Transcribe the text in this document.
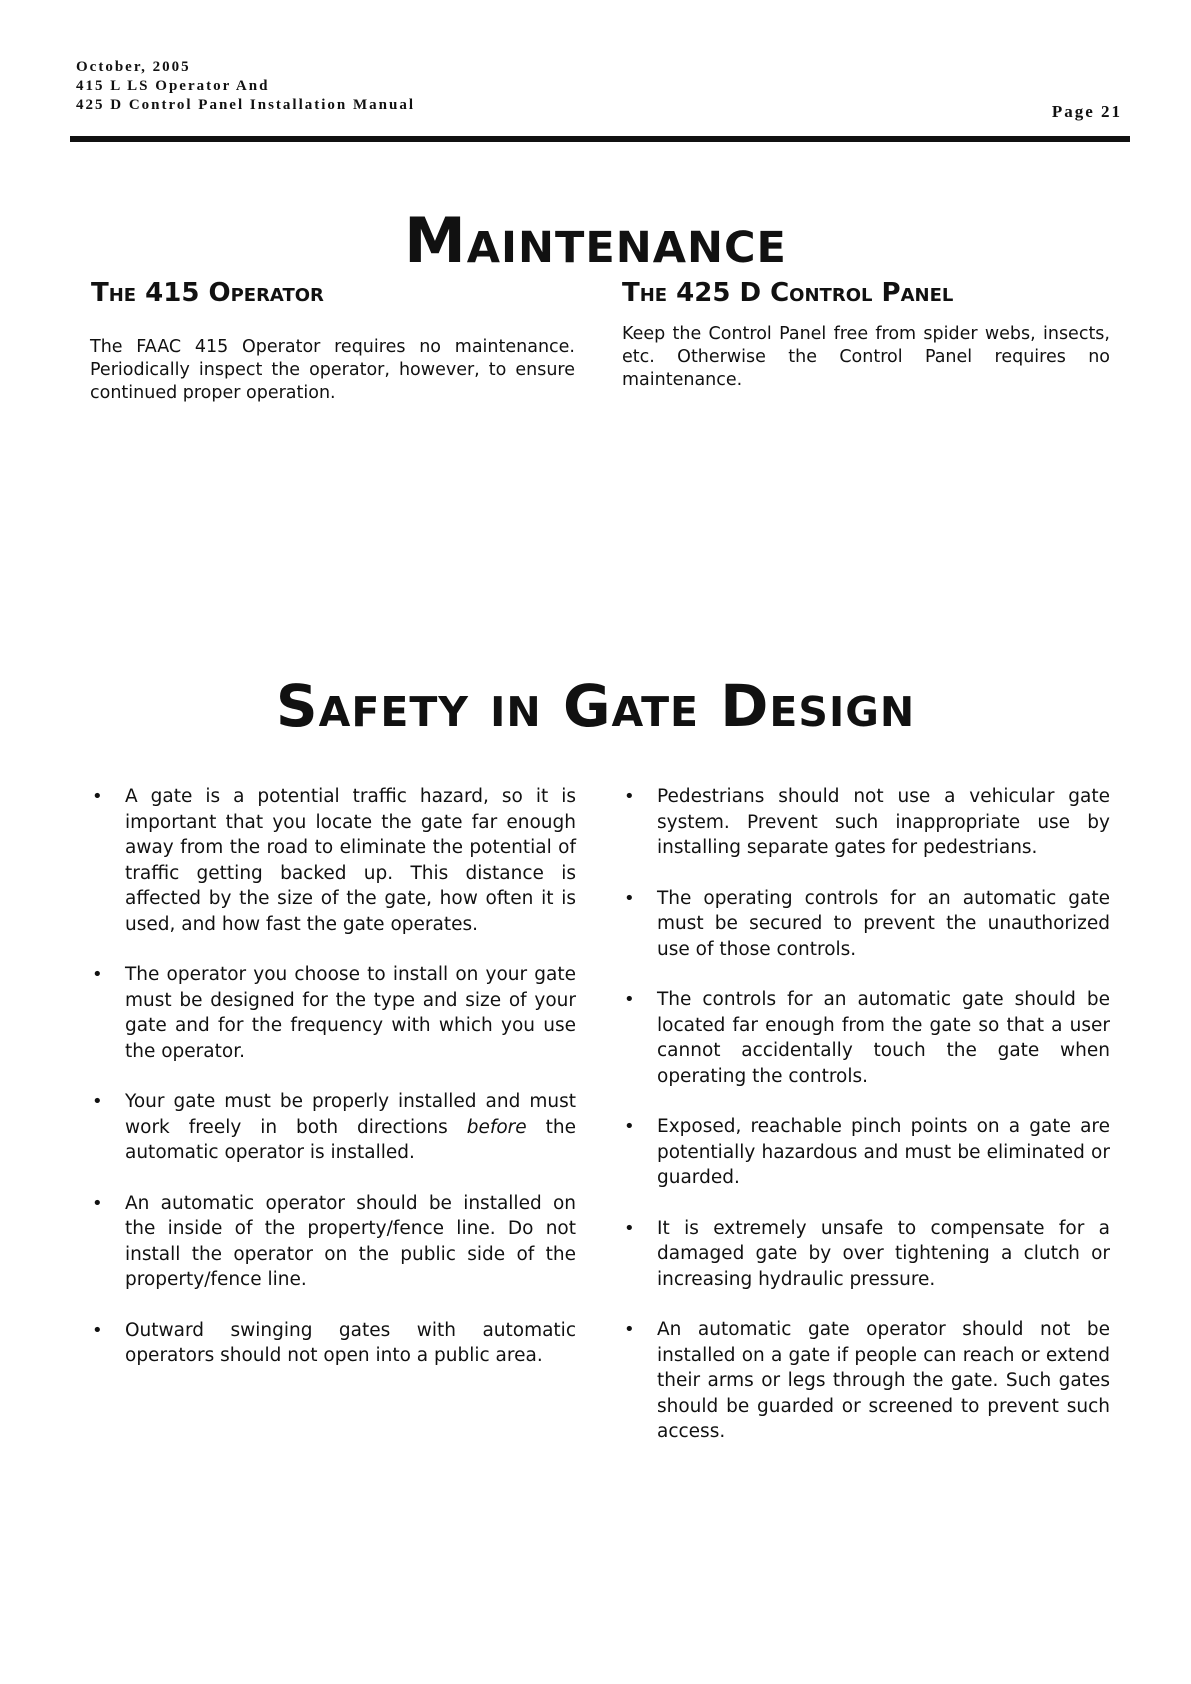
October, 2005
415 L LS Operator And
425 D Control Panel Installation Manual	Page 21
Maintenance
The 415 Operator
The FAAC 415 Operator requires no maintenance. Periodically inspect the operator, however, to ensure continued proper operation.
The 425 D Control Panel
Keep the Control Panel free from spider webs, insects, etc. Otherwise the Control Panel requires no maintenance.
Safety in Gate Design
• A gate is a potential traffic hazard, so it is important that you locate the gate far enough away from the road to eliminate the potential of traffic getting backed up. This distance is affected by the size of the gate, how often it is used, and how fast the gate operates.
• The operator you choose to install on your gate must be designed for the type and size of your gate and for the frequency with which you use the operator.
• Your gate must be properly installed and must work freely in both directions before the automatic operator is installed.
• An automatic operator should be installed on the inside of the property/fence line. Do not install the operator on the public side of the property/fence line.
• Outward swinging gates with automatic operators should not open into a public area.
• Pedestrians should not use a vehicular gate system. Prevent such inappropriate use by installing separate gates for pedestrians.
• The operating controls for an automatic gate must be secured to prevent the unauthorized use of those controls.
• The controls for an automatic gate should be located far enough from the gate so that a user cannot accidentally touch the gate when operating the controls.
• Exposed, reachable pinch points on a gate are potentially hazardous and must be eliminated or guarded.
• It is extremely unsafe to compensate for a damaged gate by over tightening a clutch or increasing hydraulic pressure.
• An automatic gate operator should not be installed on a gate if people can reach or extend their arms or legs through the gate. Such gates should be guarded or screened to prevent such access.
